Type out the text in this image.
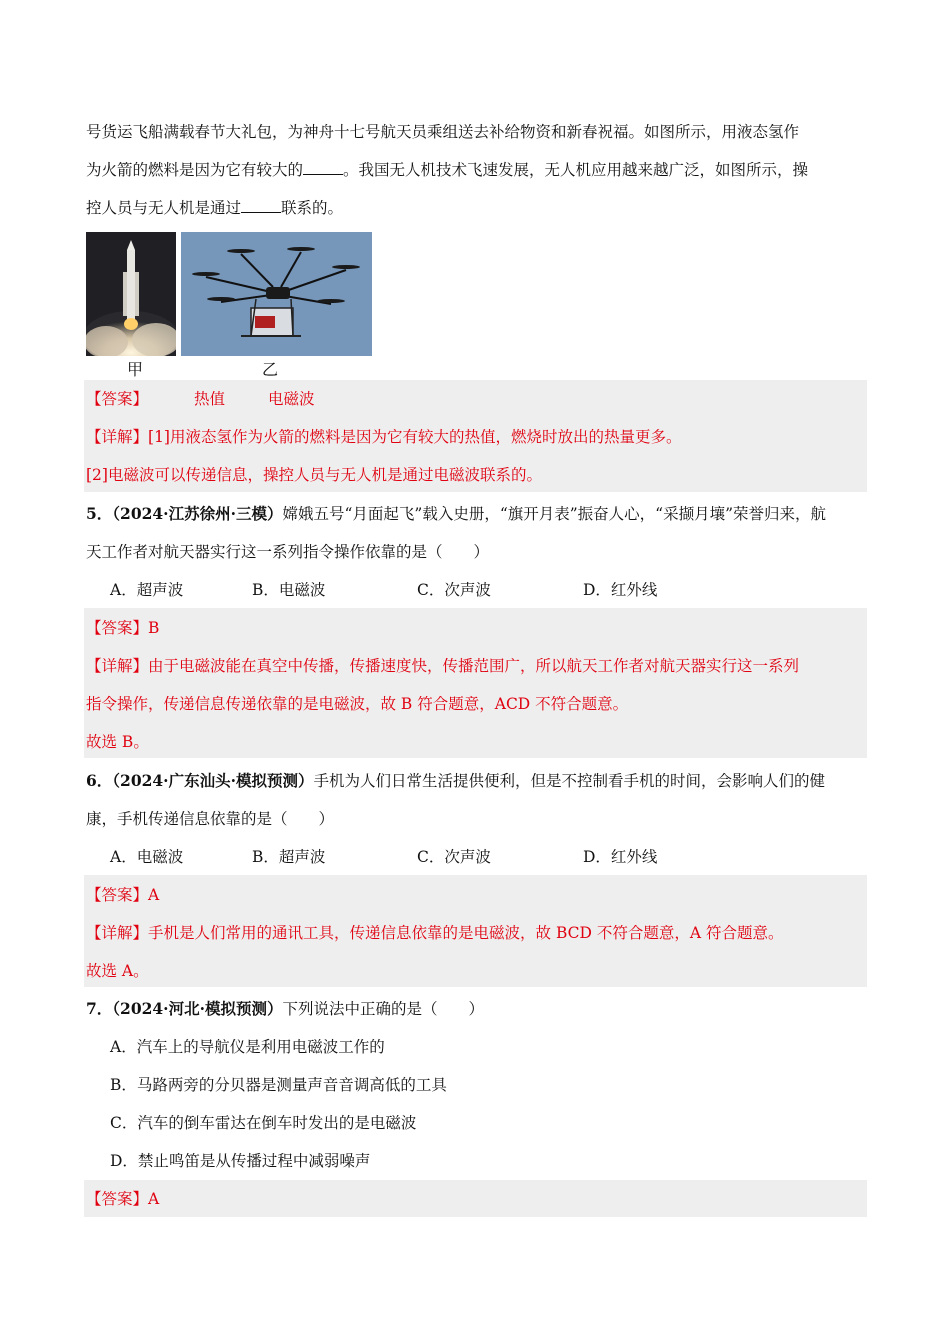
号货运飞船满载春节大礼包，为神舟十七号航天员乘组送去补给物资和新春祝福。如图所示，用液态氢作
为火箭的燃料是因为它有较大的	。我国无人机技术飞速发展，无人机应用越来越广泛，如图所示，操
控人员与无人机是通过	联系的。
甲	乙
【答案】	热值	电磁波
【详解】[1]用液态氢作为火箭的燃料是因为它有较大的热值，燃烧时放出的热量更多。
[2]电磁波可以传递信息，操控人员与无人机是通过电磁波联系的。
5．（2024·江苏徐州·三模）嫦娥五号“月面起飞”载入史册，“旗开月表”振奋人心，“采撷月壤”荣誉归来，航
天工作者对航天器实行这一系列指令操作依靠的是（　　）
A．超声波	B．电磁波	C．次声波	D．红外线
【答案】B
【详解】由于电磁波能在真空中传播，传播速度快，传播范围广，所以航天工作者对航天器实行这一系列
指令操作，传递信息传递依靠的是电磁波，故 B 符合题意，ACD 不符合题意。
故选 B。
6．（2024·广东汕头·模拟预测）手机为人们日常生活提供便利，但是不控制看手机的时间，会影响人们的健
康，手机传递信息依靠的是（　　）
A．电磁波	B．超声波	C．次声波	D．红外线
【答案】A
【详解】手机是人们常用的通讯工具，传递信息依靠的是电磁波，故 BCD 不符合题意，A 符合题意。
故选 A。
7．（2024·河北·模拟预测）下列说法中正确的是（　　）
A．汽车上的导航仪是利用电磁波工作的
B．马路两旁的分贝器是测量声音音调高低的工具
C．汽车的倒车雷达在倒车时发出的是电磁波
D．禁止鸣笛是从传播过程中减弱噪声
【答案】A
